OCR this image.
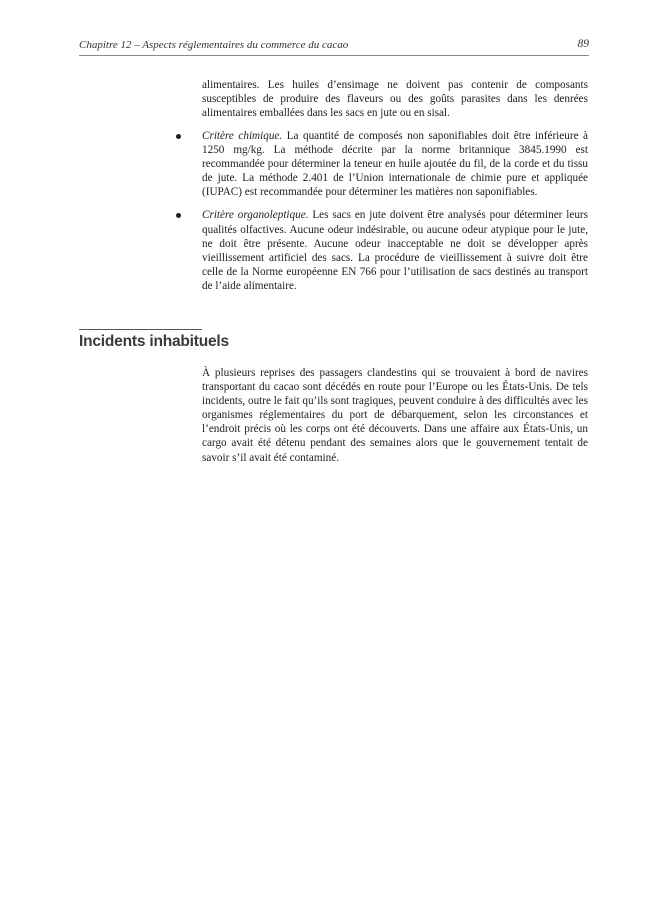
Chapitre 12 – Aspects réglementaires du commerce du cacao	89

alimentaires. Les huiles d’ensimage ne doivent pas contenir de composants susceptibles de produire des flaveurs ou des goûts parasites dans les denrées alimentaires emballées dans les sacs en jute ou en sisal.

Critère chimique. La quantité de composés non saponifiables doit être inférieure à 1250 mg/kg. La méthode décrite par la norme britannique 3845.1990 est recommandée pour déterminer la teneur en huile ajoutée du fil, de la corde et du tissu de jute. La méthode 2.401 de l’Union internationale de chimie pure et appliquée (IUPAC) est recommandée pour déterminer les matières non saponifiables.
Critère organoleptique. Les sacs en jute doivent être analysés pour déterminer leurs qualités olfactives. Aucune odeur indésirable, ou aucune odeur atypique pour le jute, ne doit être présente. Aucune odeur inacceptable ne doit se développer après vieillissement artificiel des sacs. La procédure de vieillissement à suivre doit être celle de la Norme européenne EN 766 pour l’utilisation de sacs destinés au transport de l’aide alimentaire.
Incidents inhabituels

À plusieurs reprises des passagers clandestins qui se trouvaient à bord de navires transportant du cacao sont décédés en route pour l’Europe ou les États-Unis. De tels incidents, outre le fait qu’ils sont tragiques, peuvent conduire à des difficultés avec les organismes réglementaires du port de débarquement, selon les circonstances et l’endroit précis où les corps ont été découverts. Dans une affaire aux États-Unis, un cargo avait été détenu pendant des semaines alors que le gouvernement tentait de savoir s’il avait été contaminé.
